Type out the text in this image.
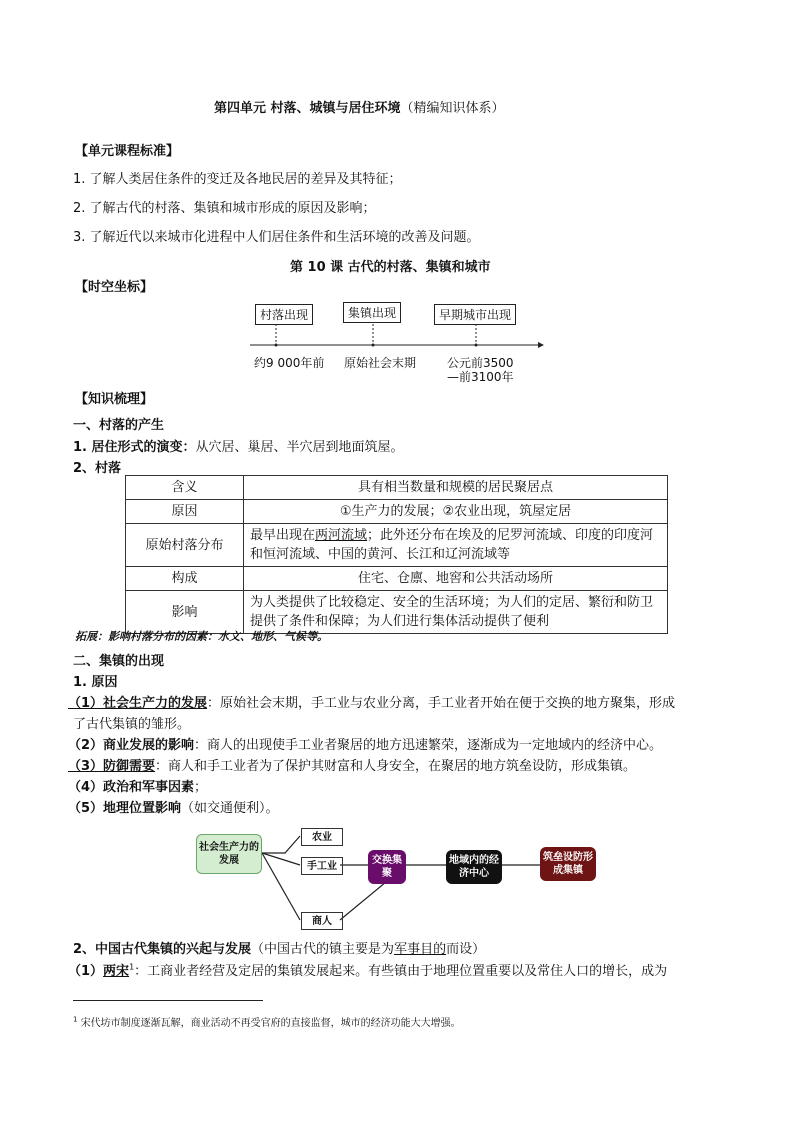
第四单元 村落、城镇与居住环境（精编知识体系）
【单元课程标准】
1. 了解人类居住条件的变迁及各地民居的差异及其特征；
2. 了解古代的村落、集镇和城市形成的原因及影响；
3. 了解近代以来城市化进程中人们居住条件和生活环境的改善及问题。
第 10 课 古代的村落、集镇和城市
【时空坐标】
村落出现	集镇出现	早期城市出现
约9 000年前 原始社会末期	公元前3500
—前3100年
【知识梳理】
一、村落的产生
1. 居住形式的演变：从穴居、巢居、半穴居到地面筑屋。
2、村落
含义	具有相当数量和规模的居民聚居点
原因	①生产力的发展；②农业出现，筑屋定居
原始村落分布	最早出现在两河流域；此外还分布在埃及的尼罗河流域、印度的印度河和恒河流域、中国的黄河、长江和辽河流域等
构成	住宅、仓廪、地窖和公共活动场所
影响	为人类提供了比较稳定、安全的生活环境；为人们的定居、繁衍和防卫提供了条件和保障；为人们进行集体活动提供了便利
拓展：影响村落分布的因素：水文、地形、气候等。
二、集镇的出现
1. 原因
（1）社会生产力的发展：原始社会末期，手工业与农业分离，手工业者开始在便于交换的地方聚集，形成
了古代集镇的雏形。
（2）商业发展的影响：商人的出现使手工业者聚居的地方迅速繁荣，逐渐成为一定地域内的经济中心。
（3）防御需要：商人和手工业者为了保护其财富和人身安全，在聚居的地方筑垒设防，形成集镇。
（4）政治和军事因素；
（5）地理位置影响（如交通便利）。
社会生产力的发展
农业
手工业
商人
交换集聚
地域内的经济中心
筑垒设防形成集镇
2、中国古代集镇的兴起与发展（中国古代的镇主要是为军事目的而设）
（1）两宋$^1$：工商业者经营及定居的集镇发展起来。有些镇由于地理位置重要以及常住人口的增长，成为
$^1$ 宋代坊市制度逐渐瓦解，商业活动不再受官府的直接监督，城市的经济功能大大增强。
